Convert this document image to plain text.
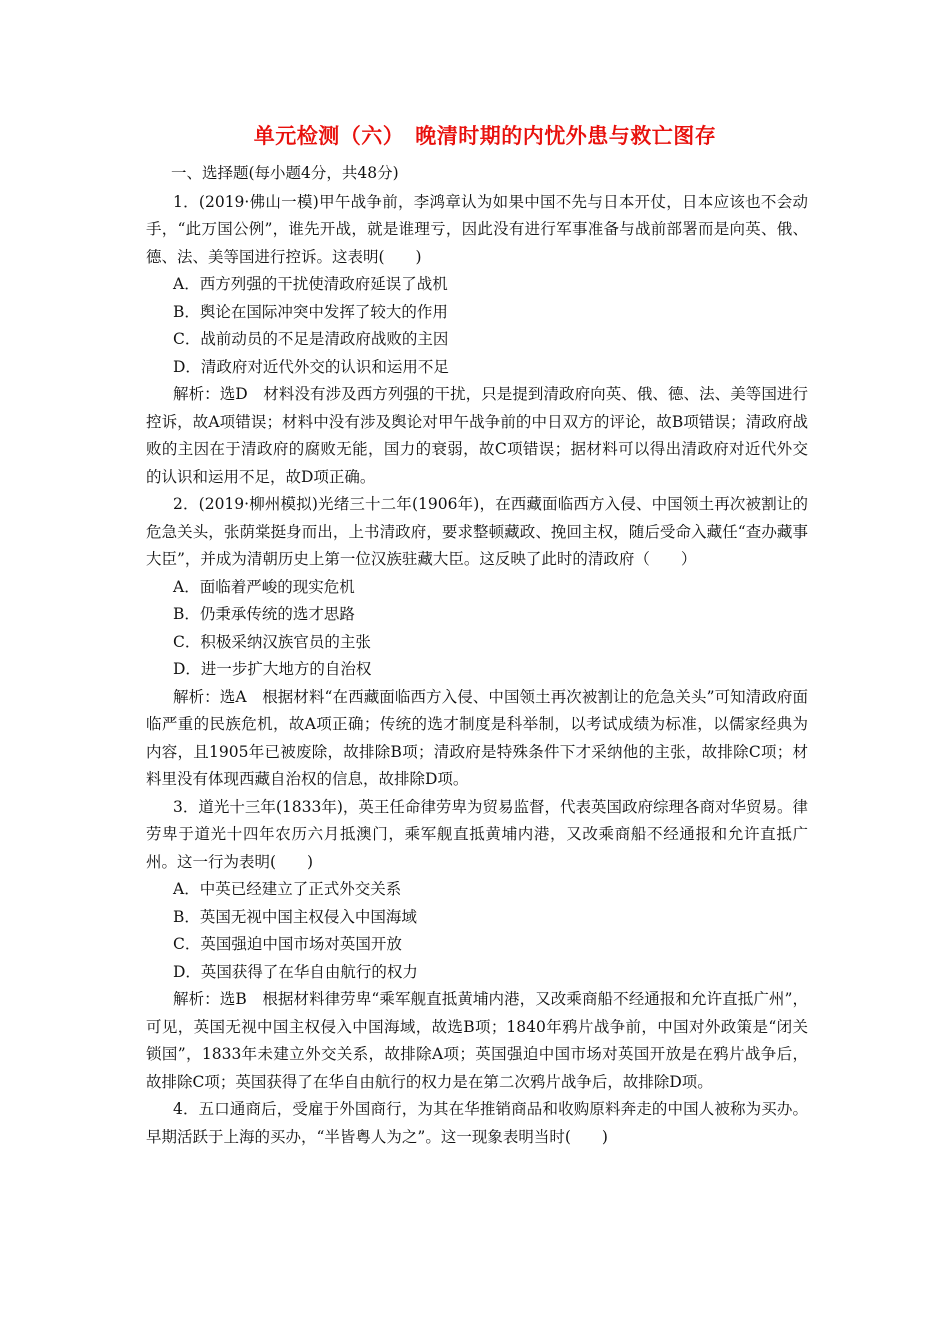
单元检测（六）　晚清时期的内忧外患与救亡图存
一、选择题(每小题4分，共48分)

1．(2019·佛山一模)甲午战争前，李鸿章认为如果中国不先与日本开仗，日本应该也不会动手，“此万国公例”，谁先开战，就是谁理亏，因此没有进行军事准备与战前部署而是向英、俄、德、法、美等国进行控诉。这表明(　　)

A．西方列强的干扰使清政府延误了战机
B．舆论在国际冲突中发挥了较大的作用
C．战前动员的不足是清政府战败的主因
D．清政府对近代外交的认识和运用不足

解析：选D　材料没有涉及西方列强的干扰，只是提到清政府向英、俄、德、法、美等国进行控诉，故A项错误；材料中没有涉及舆论对甲午战争前的中日双方的评论，故B项错误；清政府战败的主因在于清政府的腐败无能，国力的衰弱，故C项错误；据材料可以得出清政府对近代外交的认识和运用不足，故D项正确。

2．(2019·柳州模拟)光绪三十二年(1906年)，在西藏面临西方入侵、中国领土再次被割让的危急关头，张荫棠挺身而出，上书清政府，要求整顿藏政、挽回主权，随后受命入藏任“查办藏事大臣”，并成为清朝历史上第一位汉族驻藏大臣。这反映了此时的清政府（　　）

A．面临着严峻的现实危机
B．仍秉承传统的选才思路
C．积极采纳汉族官员的主张
D．进一步扩大地方的自治权

解析：选A　根据材料“在西藏面临西方入侵、中国领土再次被割让的危急关头”可知清政府面临严重的民族危机，故A项正确；传统的选才制度是科举制，以考试成绩为标准，以儒家经典为内容，且1905年已被废除，故排除B项；清政府是特殊条件下才采纳他的主张，故排除C项；材料里没有体现西藏自治权的信息，故排除D项。

3．道光十三年(1833年)，英王任命律劳卑为贸易监督，代表英国政府综理各商对华贸易。律劳卑于道光十四年农历六月抵澳门，乘军舰直抵黄埔内港，又改乘商船不经通报和允许直抵广州。这一行为表明(　　)

A．中英已经建立了正式外交关系
B．英国无视中国主权侵入中国海域
C．英国强迫中国市场对英国开放
D．英国获得了在华自由航行的权力

解析：选B　根据材料律劳卑“乘军舰直抵黄埔内港，又改乘商船不经通报和允许直抵广州”，可见，英国无视中国主权侵入中国海域，故选B项；1840年鸦片战争前，中国对外政策是“闭关锁国”，1833年未建立外交关系，故排除A项；英国强迫中国市场对英国开放是在鸦片战争后，故排除C项；英国获得了在华自由航行的权力是在第二次鸦片战争后，故排除D项。

4．五口通商后，受雇于外国商行，为其在华推销商品和收购原料奔走的中国人被称为买办。早期活跃于上海的买办，“半皆粤人为之”。这一现象表明当时(　　)
